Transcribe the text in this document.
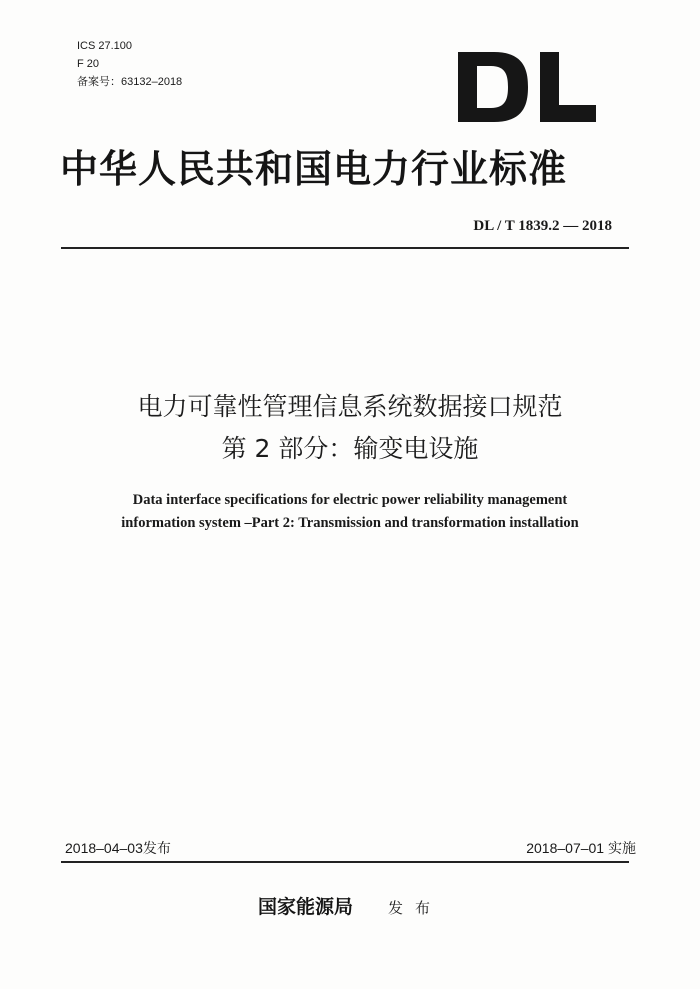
ICS 27.100
F 20
备案号：63132–2018
中华人民共和国电力行业标准
DL / T 1839.2 — 2018
电力可靠性管理信息系统数据接口规范
第 2 部分：输变电设施
Data interface specifications for electric power reliability management
information system –Part 2: Transmission and transformation installation
2018–04–03发布	2018–07–01 实施
国家能源局 发布
